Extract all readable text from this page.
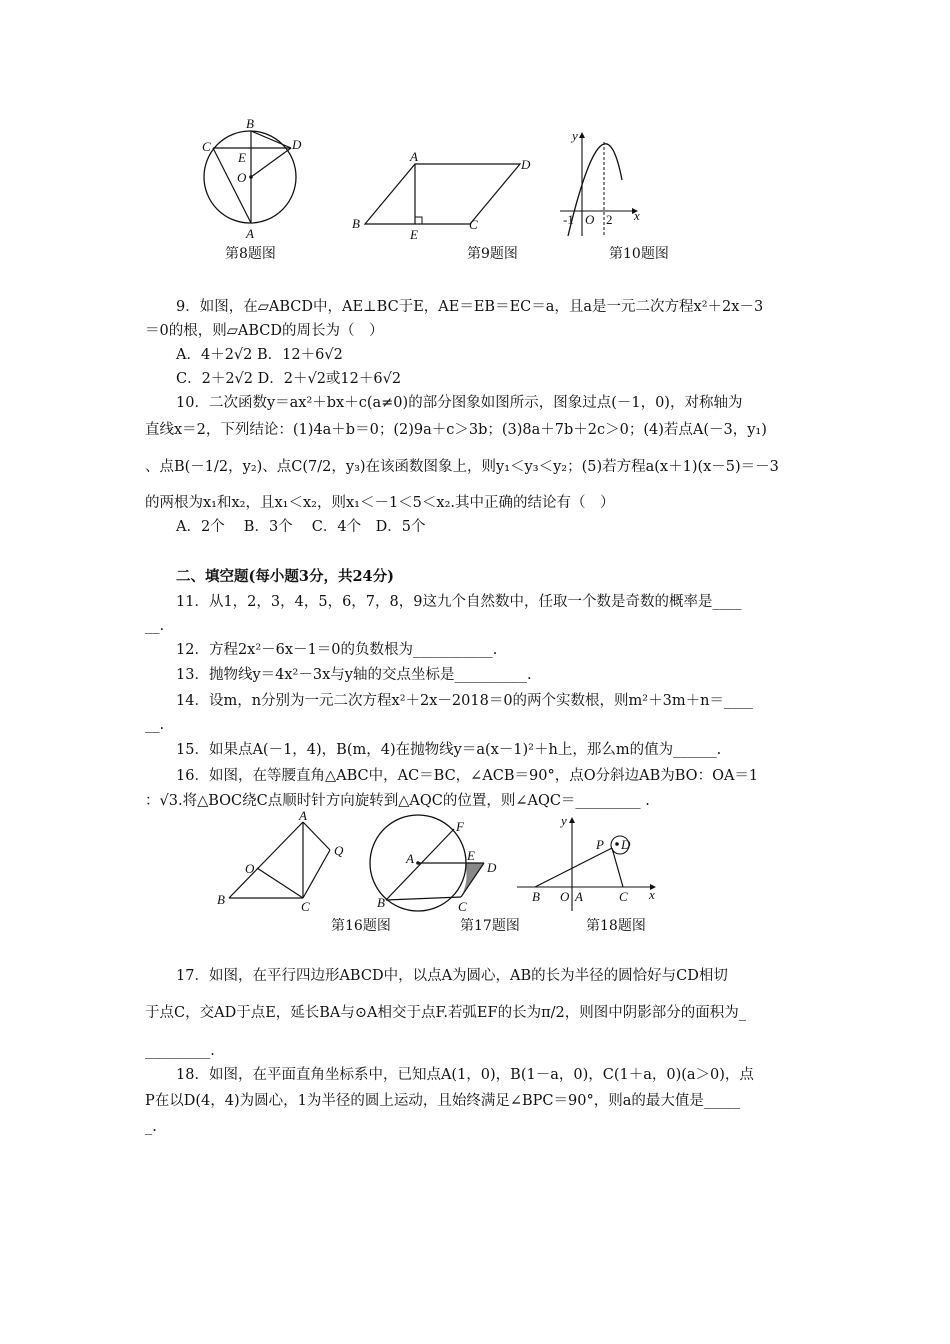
B
C	D
E
O
A
第8题图
A
D
B
E
C
第9题图
y
x
-1 O 2
第10题图
9．如图，在▱ABCD中，AE⊥BC于E，AE＝EB＝EC＝a，且a是一元二次方程x²＋2x－3
＝0的根，则▱ABCD的周长为（　）
A．4＋2√2 B．12＋6√2
C．2＋2√2 D．2＋√2或12＋6√2
10．二次函数y＝ax²＋bx＋c(a≠0)的部分图象如图所示，图象过点(－1，0)，对称轴为
直线x＝2，下列结论：(1)4a＋b＝0；(2)9a＋c＞3b；(3)8a＋7b＋2c＞0；(4)若点A(－3，y₁)
、点B(－1/2，y₂)、点C(7/2，y₃)在该函数图象上，则y₁＜y₃＜y₂；(5)若方程a(x＋1)(x－5)＝－3
的两根为x₁和x₂，且x₁＜x₂，则x₁＜－1＜5＜x₂.其中正确的结论有（　）
A．2个　 B．3个　 C．4个　D．5个
二、填空题(每小题3分，共24分)
11．从1，2，3，4，5，6，7，8，9这九个自然数中，任取一个数是奇数的概率是____
__.
12．方程2x²－6x－1＝0的负数根为___________.
13．抛物线y＝4x²－3x与y轴的交点坐标是__________.
14．设m，n分别为一元二次方程x²＋2x－2018＝0的两个实数根，则m²＋3m＋n＝____
__.
15．如果点A(－1，4)，B(m，4)在抛物线y＝a(x－1)²＋h上，那么m的值为______.
16．如图，在等腰直角△ABC中，AC＝BC，∠ACB＝90°，点O分斜边AB为BO：OA＝1
：√3.将△BOC绕C点顺时针方向旋转到△AQC的位置，则∠AQC＝_________ .
A
Q
O
B	C
F
A	E
D
B	C
y
P D
B O A	C x
第16题图	第17题图	第18题图
17．如图，在平行四边形ABCD中，以点A为圆心，AB的长为半径的圆恰好与CD相切
于点C，交AD于点E，延长BA与⊙A相交于点F.若弧EF的长为π/2，则图中阴影部分的面积为_
_________.
18．如图，在平面直角坐标系中，已知点A(1，0)，B(1－a，0)，C(1＋a，0)(a＞0)，点
P在以D(4，4)为圆心，1为半径的圆上运动，且始终满足∠BPC＝90°，则a的最大值是_____
_.
